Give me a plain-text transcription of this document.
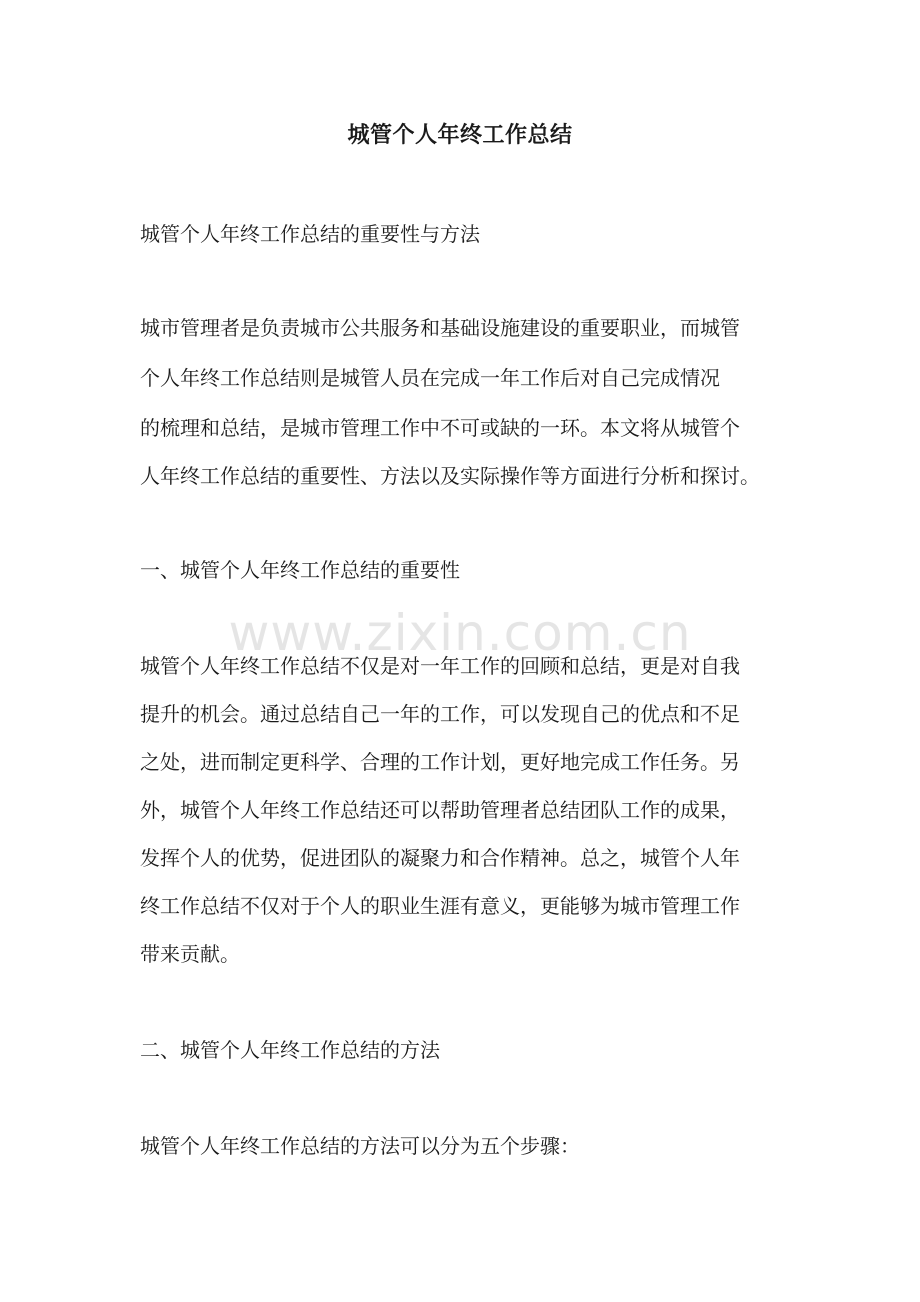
城管个人年终工作总结

城管个人年终工作总结的重要性与方法

城市管理者是负责城市公共服务和基础设施建设的重要职业，而城管

个人年终工作总结则是城管人员在完成一年工作后对自己完成情况

的梳理和总结，是城市管理工作中不可或缺的一环。本文将从城管个

人年终工作总结的重要性、方法以及实际操作等方面进行分析和探讨。

一、城管个人年终工作总结的重要性

www.zixin.com.cn

城管个人年终工作总结不仅是对一年工作的回顾和总结，更是对自我

提升的机会。通过总结自己一年的工作，可以发现自己的优点和不足

之处，进而制定更科学、合理的工作计划，更好地完成工作任务。另

外，城管个人年终工作总结还可以帮助管理者总结团队工作的成果，

发挥个人的优势，促进团队的凝聚力和合作精神。总之，城管个人年

终工作总结不仅对于个人的职业生涯有意义，更能够为城市管理工作

带来贡献。

二、城管个人年终工作总结的方法

城管个人年终工作总结的方法可以分为五个步骤：
